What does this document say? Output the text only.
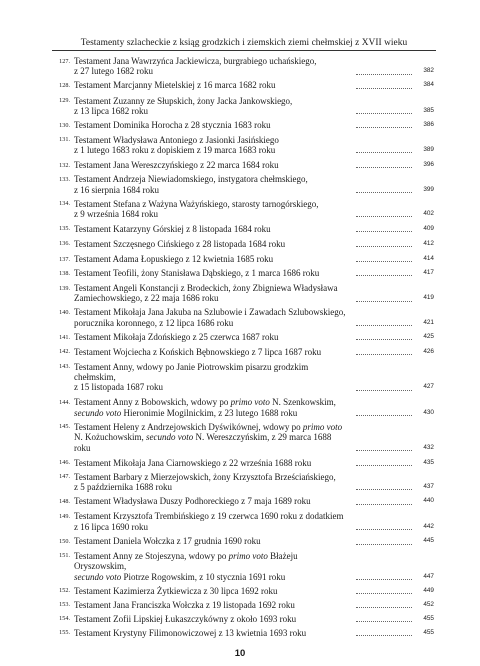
Testamenty szlacheckie z ksiąg grodzkich i ziemskich ziemi chełmskiej z XVII wieku
127. Testament Jana Wawrzyńca Jackiewicza, burgrabiego uchańskiego,
z 27 lutego 1682 roku	382
128. Testament Marcjanny Mietelskiej z 16 marca 1682 roku	384
129. Testament Zuzanny ze Słupskich, żony Jacka Jankowskiego,
z 13 lipca 1682 roku	385
130. Testament Dominika Horocha z 28 stycznia 1683 roku	386
131. Testament Władysława Antoniego z Jasionki Jasińskiego
z 1 lutego 1683 roku z dopiskiem z 19 marca 1683 roku	389
132. Testament Jana Wereszczyńskiego z 22 marca 1684 roku	396
133. Testament Andrzeja Niewiadomskiego, instygatora chełmskiego,
z 16 sierpnia 1684 roku	399
134. Testament Stefana z Ważyna Ważyńskiego, starosty tarnogórskiego,
z 9 września 1684 roku	402
135. Testament Katarzyny Górskiej z 8 listopada 1684 roku	409
136. Testament Szczęsnego Cińskiego z 28 listopada 1684 roku	412
137. Testament Adama Łopuskiego z 12 kwietnia 1685 roku	414
138. Testament Teofili, żony Stanisława Dąbskiego, z 1 marca 1686 roku	417
139. Testament Angeli Konstancji z Brodeckich, żony Zbigniewa Władysława
Zamiechowskiego, z 22 maja 1686 roku	419
140. Testament Mikołaja Jana Jakuba na Szlubowie i Zawadach Szlubowskiego,
porucznika koronnego, z 12 lipca 1686 roku	421
141. Testament Mikołaja Zdońskiego z 25 czerwca 1687 roku	425
142. Testament Wojciecha z Końskich Bębnowskiego z 7 lipca 1687 roku	426
143. Testament Anny, wdowy po Janie Piotrowskim pisarzu grodzkim chełmskim,
z 15 listopada 1687 roku	427
144. Testament Anny z Bobowskich, wdowy po primo voto N. Szenkowskim,
secundo voto Hieronimie Mogilnickim, z 23 lutego 1688 roku	430
145. Testament Heleny z Andrzejowskich Dyświkównej, wdowy po primo voto
N. Kożuchowskim, secundo voto N. Wereszczyńskim, z 29 marca 1688 roku	432
146. Testament Mikołaja Jana Ciarnowskiego z 22 września 1688 roku	435
147. Testament Barbary z Mierzejowskich, żony Krzysztofa Brześciańskiego,
z 5 października 1688 roku	437
148. Testament Władysława Duszy Podhoreckiego z 7 maja 1689 roku	440
149. Testament Krzysztofa Trembińskiego z 19 czerwca 1690 roku z dodatkiem
z 16 lipca 1690 roku	442
150. Testament Daniela Wołczka z 17 grudnia 1690 roku	445
151. Testament Anny ze Stojeszyna, wdowy po primo voto Błażeju Oryszowskim,
secundo voto Piotrze Rogowskim, z 10 stycznia 1691 roku	447
152. Testament Kazimierza Żytkiewicza z 30 lipca 1692 roku	449
153. Testament Jana Franciszka Wołczka z 19 listopada 1692 roku	452
154. Testament Zofii Lipskiej Łukaszczykówny z około 1693 roku	455
155. Testament Krystyny Filimonowiczowej z 13 kwietnia 1693 roku	455
10
